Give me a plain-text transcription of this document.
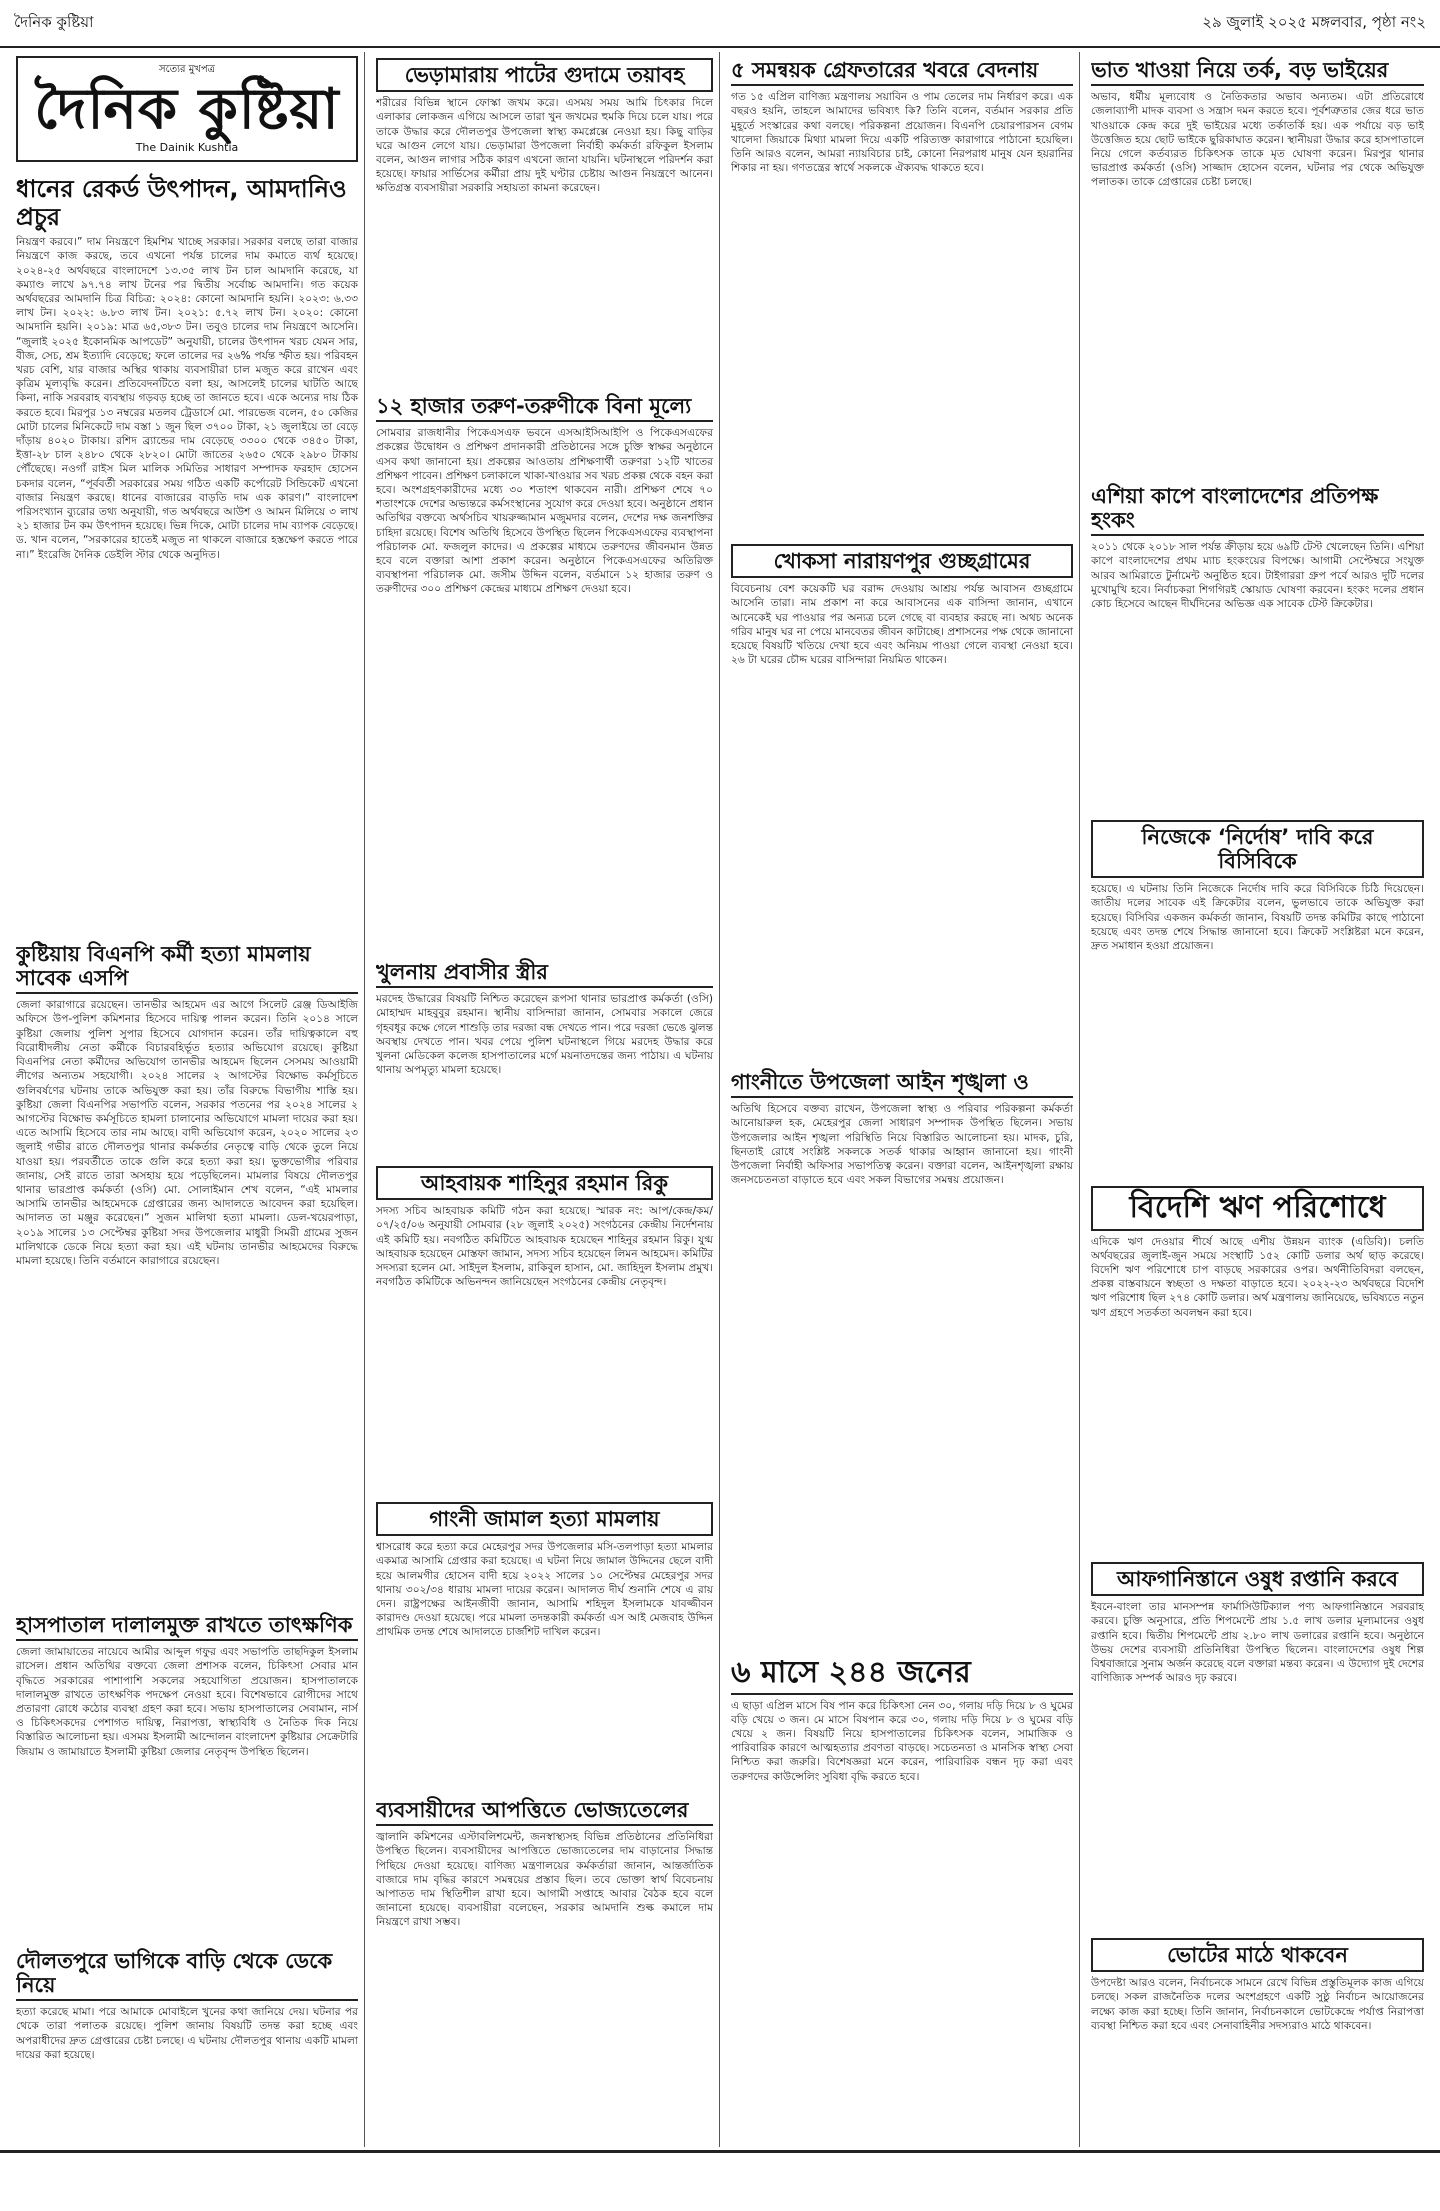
দৈনিক কুষ্টিয়া	২৯ জুলাই ২০২৫ মঙ্গলবার, পৃষ্ঠা নং২
সত্যের মুখপত্র
দৈনিক কুষ্টিয়া
The Dainik Kushtia
ধানের রেকর্ড উৎপাদন, আমদানিও প্রচুর
নিয়ন্ত্রণ করবে।” দাম নিয়ন্ত্রণে হিমশিম খাচ্ছে সরকার। সরকার বলছে তারা বাজার নিয়ন্ত্রণে কাজ করছে, তবে এখনো পর্যন্ত চালের দাম কমাতে ব্যর্থ হয়েছে। ২০২৪-২৫ অর্থবছরে বাংলাদেশে ১৩.৩৫ লাখ টন চাল আমদানি করেছে, যা কম্যাণ্ড লাখে ৯৭.৭৪ লাখ টনের পর দ্বিতীয় সর্বোচ্চ আমদানি। গত কয়েক অর্থবছরের আমদানি চিত্র বিচিত্র: ২০২৪: কোনো আমদানি হয়নি। ২০২৩: ৬.৩৩ লাখ টন। ২০২২: ৬.৮৩ লাখ টন। ২০২১: ৫.৭২ লাখ টন। ২০২০: কোনো আমদানি হয়নি। ২০১৯: মাত্র ৬৫,৩৮৩ টন। তবুও চালের দাম নিয়ন্ত্রণে আসেনি। “জুলাই ২০২৫ ইকোনমিক আপডেট” অনুযায়ী, চালের উৎপাদন খরচ যেমন সার, বীজ, সেচ, শ্রম ইত্যাদি বেড়েছে; ফলে তালের দর ২৬% পর্যন্ত স্ফীত হয়। পরিবহন খরচ বেশি, যার বাজার অস্থির থাকায় ব্যবসায়ীরা চাল মজুত করে রাখেন এবং কৃত্রিম মূল্যবৃদ্ধি করেন। প্রতিবেদনটিতে বলা হয়, আসলেই চালের ঘাটতি আছে কিনা, নাকি সরবরাহ ব্যবস্থায় গড়বড় হচ্ছে তা জানতে হবে। একে অন্যের দায় ঠিক করতে হবে। মিরপুর ১৩ নম্বরের মতলব ট্রেডার্সে মো. পারভেজ বলেন, ৫০ কেজির মোটা চালের মিনিকেটে দাম বস্তা ১ জুন ছিল ৩৭০০ টাকা, ২১ জুলাইয়ে তা বেড়ে দাঁড়ায় ৪০২০ টাকায়। রশিদ ব্র্যান্ডের দাম বেড়েছে ৩৩০০ থেকে ৩৪৫০ টাকা, ইত্তা-২৮ চাল ২৪৮০ থেকে ২৮২০। মোটা জাতের ২৬৫০ থেকে ২৯৮০ টাকায় পৌঁছেছে। নওগাঁ রাইস মিল মালিক সমিতির সাধারণ সম্পাদক ফরহাদ হোসেন চকদার বলেন, “পূর্ববর্তী সরকারের সময় গঠিত একটি কর্পোরেট সিন্ডিকেট এখনো বাজার নিয়ন্ত্রণ করছে। ধানের বাজারের বাড়তি দাম এক কারণ।” বাংলাদেশ পরিসংখ্যান ব্যুরোর তথ্য অনুযায়ী, গত অর্থবছরে আউশ ও আমন মিলিয়ে ৩ লাখ ২১ হাজার টন কম উৎপাদন হয়েছে। ভিন্ন দিকে, মোটা চালের দাম ব্যাপক বেড়েছে। ড. খান বলেন, “সরকারের হাতেই মজুত না থাকলে বাজারে হস্তক্ষেপ করতে পারে না।” ইংরেজি দৈনিক ডেইলি স্টার থেকে অনুদিত।
কুষ্টিয়ায় বিএনপি কর্মী হত্যা মামলায় সাবেক এসপি
জেলা কারাগারে রয়েছেন। তানভীর আহমেদ এর আগে সিলেট রেঞ্জ ডিআইজি অফিসে উপ-পুলিশ কমিশনার হিসেবে দায়িত্ব পালন করেন। তিনি ২০১৪ সালে কুষ্টিয়া জেলায় পুলিশ সুপার হিসেবে যোগদান করেন। তাঁর দায়িত্বকালে বহু বিরোধীদলীয় নেতা কর্মীকে বিচারবহির্ভূত হত্যার অভিযোগ রয়েছে। কুষ্টিয়া বিএনপির নেতা কর্মীদের অভিযোগ তানভীর আহমেদ ছিলেন সেসময় আওয়ামী লীগের অন্যতম সহযোগী। ২০২৪ সালের ২ আগস্টের বিক্ষোভ কর্মসূচিতে গুলিবর্ষণের ঘটনায় তাকে অভিযুক্ত করা হয়। তাঁর বিরুদ্ধে বিভাগীয় শাস্তি হয়। কুষ্টিয়া জেলা বিএনপির সভাপতি বলেন, সরকার পতনের পর ২০২৪ সালের ২ আগস্টের বিক্ষোভ কর্মসূচিতে হামলা চালানোর অভিযোগে মামলা দায়ের করা হয়। এতে আসামি হিসেবে তার নাম আছে। বাদী অভিযোগ করেন, ২০২০ সালের ২৩ জুলাই গভীর রাতে দৌলতপুর থানার কর্মকর্তার নেতৃত্বে বাড়ি থেকে তুলে নিয়ে যাওয়া হয়। পরবর্তীতে তাকে গুলি করে হত্যা করা হয়। ভুক্তভোগীর পরিবার জানায়, সেই রাতে তারা অসহায় হয়ে পড়েছিলেন। মামলার বিষয়ে দৌলতপুর থানার ভারপ্রাপ্ত কর্মকর্তা (ওসি) মো. সোলাইমান শেখ বলেন, “এই মামলার আসামি তানভীর আহমেদকে গ্রেপ্তারের জন্য আদালতে আবেদন করা হয়েছিল। আদালত তা মঞ্জুর করেছেন।” সুজন মালিথা হত্যা মামলা। ডেল-খয়েরপাড়া, ২০১৯ সালের ১৩ সেপ্টেম্বর কুষ্টিয়া সদর উপজেলার মাধুরী সিমরী গ্রামের সুজন মালিথাকে ডেকে নিয়ে হত্যা করা হয়। এই ঘটনায় তানভীর আহমেদের বিরুদ্ধে মামলা হয়েছে। তিনি বর্তমানে কারাগারে রয়েছেন।
হাসপাতাল দালালমুক্ত রাখতে তাৎক্ষণিক
জেলা জামায়াতের নায়েবে আমীর আব্দুল গফুর এবং সভাপতি তাছদিকুল ইসলাম রাসেল। প্রধান অতিথির বক্তব্যে জেলা প্রশাসক বলেন, চিকিৎসা সেবার মান বৃদ্ধিতে সরকারের পাশাপাশি সকলের সহযোগিতা প্রয়োজন। হাসপাতালকে দালালমুক্ত রাখতে তাৎক্ষণিক পদক্ষেপ নেওয়া হবে। বিশেষভাবে রোগীদের সাথে প্রতারণা রোধে কঠোর ব্যবস্থা গ্রহণ করা হবে। সভায় হাসপাতালের সেবামান, নার্স ও চিকিৎসকদের পেশাগত দায়িত্ব, নিরাপত্তা, স্বাস্থ্যবিধি ও নৈতিক দিক নিয়ে বিস্তারিত আলোচনা হয়। এসময় ইসলামী আন্দোলন বাংলাদেশ কুষ্টিয়ার সেক্রেটারি জিয়াম ও জামায়াতে ইসলামী কুষ্টিয়া জেলার নেতৃবৃন্দ উপস্থিত ছিলেন।
দৌলতপুরে ভাগিকে বাড়ি থেকে ডেকে নিয়ে
হত্যা করেছে মামা। পরে আমাকে মোবাইলে খুনের কথা জানিয়ে দেয়। ঘটনার পর থেকে তারা পলাতক রয়েছে। পুলিশ জানায় বিষয়টি তদন্ত করা হচ্ছে এবং অপরাধীদের দ্রুত গ্রেপ্তারের চেষ্টা চলছে। এ ঘটনায় দৌলতপুর থানায় একটি মামলা দায়ের করা হয়েছে।
ভেড়ামারায় পাটের গুদামে তয়াবহ
শরীরের বিভিন্ন স্থানে ফোস্কা জখম করে। এসময় সময় আমি চিৎকার দিলে এলাকার লোকজন এগিয়ে আসলে তারা খুন জখমের হুমকি দিয়ে চলে যায়। পরে তাকে উদ্ধার করে দৌলতপুর উপজেলা স্বাস্থ্য কমপ্লেক্সে নেওয়া হয়। কিছু বাড়ির ঘরে আগুন লেগে যায়। ভেড়ামারা উপজেলা নির্বাহী কর্মকর্তা রফিকুল ইসলাম বলেন, আগুন লাগার সঠিক কারণ এখনো জানা যায়নি। ঘটনাস্থলে পরিদর্শন করা হয়েছে। ফায়ার সার্ভিসের কর্মীরা প্রায় দুই ঘণ্টার চেষ্টায় আগুন নিয়ন্ত্রণে আনেন। ক্ষতিগ্রস্ত ব্যবসায়ীরা সরকারি সহায়তা কামনা করেছেন।
১২ হাজার তরুণ-তরুণীকে বিনা মূল্যে
সোমবার রাজধানীর পিকেএসএফ ভবনে এসআইসিআইপি ও পিকেএসএফের প্রকল্পের উদ্বোধন ও প্রশিক্ষণ প্রদানকারী প্রতিষ্ঠানের সঙ্গে চুক্তি স্বাক্ষর অনুষ্ঠানে এসব কথা জানানো হয়। প্রকল্পের আওতায় প্রশিক্ষণার্থী তরুণরা ১২টি খাতের প্রশিক্ষণ পাবেন। প্রশিক্ষণ চলাকালে খাকা-খাওয়ার সব খরচ প্রকল্প থেকে বহন করা হবে। অংশগ্রহণকারীদের মধ্যে ৩০ শতাংশ থাকবেন নারী। প্রশিক্ষণ শেষে ৭০ শতাংশকে দেশের অভ্যন্তরে কর্মসংস্থানের সুযোগ করে দেওয়া হবে। অনুষ্ঠানে প্রধান অতিথির বক্তব্যে অর্থসচিব খায়রুজ্জামান মজুমদার বলেন, দেশের দক্ষ জনশক্তির চাহিদা রয়েছে। বিশেষ অতিথি হিসেবে উপস্থিত ছিলেন পিকেএসএফের ব্যবস্থাপনা পরিচালক মো. ফজলুল কাদের। এ প্রকল্পের মাধ্যমে তরুণদের জীবনমান উন্নত হবে বলে বক্তারা আশা প্রকাশ করেন। অনুষ্ঠানে পিকেএসএফের অতিরিক্ত ব্যবস্থাপনা পরিচালক মো. জসীম উদ্দিন বলেন, বর্তমানে ১২ হাজার তরুণ ও তরুণীদের ৩০০ প্রশিক্ষণ কেন্দ্রের মাধ্যমে প্রশিক্ষণ দেওয়া হবে।
খুলনায় প্রবাসীর স্ত্রীর
মরদেহ উদ্ধারের বিষয়টি নিশ্চিত করেছেন রূপসা থানার ভারপ্রাপ্ত কর্মকর্তা (ওসি) মোহাম্মদ মাহবুবুর রহমান। স্থানীয় বাসিন্দারা জানান, সোমবার সকালে জেরে গৃহবধূর কক্ষে গেলে শাশুড়ি তার দরজা বন্ধ দেখতে পান। পরে দরজা ভেঙে ঝুলন্ত অবস্থায় দেখতে পান। খবর পেয়ে পুলিশ ঘটনাস্থলে গিয়ে মরদেহ উদ্ধার করে খুলনা মেডিকেল কলেজ হাসপাতালের মর্গে ময়নাতদন্তের জন্য পাঠায়। এ ঘটনায় থানায় অপমৃত্যু মামলা হয়েছে।
আহবায়ক শাহিনুর রহমান রিকু
সদস্য সচিব আহবায়ক কমিটি গঠন করা হয়েছে। স্মারক নং: আপ/কেন্দ্র/কম/০৭/২৫/০৬ অনুযায়ী সোমবার (২৮ জুলাই ২০২৫) সংগঠনের কেন্দ্রীয় নির্দেশনায় এই কমিটি হয়। নবগঠিত কমিটিতে আহবায়ক হয়েছেন শাহিনুর রহমান রিকু। যুগ্ম আহবায়ক হয়েছেন মোস্তফা জামান, সদস্য সচিব হয়েছেন লিমন আহমেদ। কমিটির সদস্যরা হলেন মো. সাইদুল ইসলাম, রাকিবুল হাসান, মো. জাহিদুল ইসলাম প্রমুখ। নবগঠিত কমিটিকে অভিনন্দন জানিয়েছেন সংগঠনের কেন্দ্রীয় নেতৃবৃন্দ।
গাংনী জামাল হত্যা মামলায়
শ্বাসরোধ করে হত্যা করে মেহেরপুর সদর উপজেলার মসি-তলপাড়া হত্যা মামলার একমাত্র আসামি গ্রেপ্তার করা হয়েছে। এ ঘটনা নিয়ে জামাল উদ্দিনের ছেলে বাদী হয়ে আলমগীর হোসেন বাদী হয়ে ২০২২ সালের ১০ সেপ্টেম্বর মেহেরপুর সদর থানায় ৩০২/৩৪ ধারায় মামলা দায়ের করেন। আদালত দীর্ঘ শুনানি শেষে এ রায় দেন। রাষ্ট্রপক্ষের আইনজীবী জানান, আসামি শহিদুল ইসলামকে যাবজ্জীবন কারাদণ্ড দেওয়া হয়েছে। পরে মামলা তদন্তকারী কর্মকর্তা এস আই মেজবাহ উদ্দিন প্রাথমিক তদন্ত শেষে আদালতে চার্জশিট দাখিল করেন।
ব্যবসায়ীদের আপত্তিতে ভোজ্যতেলের
জ্বালানি কমিশনের এস্টাবলিশমেন্ট, জনস্বাস্থ্যসহ বিভিন্ন প্রতিষ্ঠানের প্রতিনিধিরা উপস্থিত ছিলেন। ব্যবসায়ীদের আপত্তিতে ভোজ্যতেলের দাম বাড়ানোর সিদ্ধান্ত পিছিয়ে দেওয়া হয়েছে। বাণিজ্য মন্ত্রণালয়ের কর্মকর্তারা জানান, আন্তর্জাতিক বাজারে দাম বৃদ্ধির কারণে সমন্বয়ের প্রস্তাব ছিল। তবে ভোক্তা স্বার্থ বিবেচনায় আপাতত দাম স্থিতিশীল রাখা হবে। আগামী সপ্তাহে আবার বৈঠক হবে বলে জানানো হয়েছে। ব্যবসায়ীরা বলেছেন, সরকার আমদানি শুল্ক কমালে দাম নিয়ন্ত্রণে রাখা সম্ভব।
৫ সমন্বয়ক গ্রেফতারের খবরে বেদনায়
গত ১৫ এপ্রিল বাণিজ্য মন্ত্রণালয় সয়াবিন ও পাম তেলের দাম নির্ধারণ করে। এক বছরও হয়নি, তাহলে আমাদের ভবিষ্যৎ কি? তিনি বলেন, বর্তমান সরকার প্রতি মুহূর্তে সংস্কারের কথা বলছে। পরিকল্পনা প্রয়োজন। বিএনপি চেয়ারপারসন বেগম খালেদা জিয়াকে মিথ্যা মামলা দিয়ে একটি পরিত্যক্ত কারাগারে পাঠানো হয়েছিল। তিনি আরও বলেন, আমরা ন্যায়বিচার চাই, কোনো নিরপরাধ মানুষ যেন হয়রানির শিকার না হয়। গণতন্ত্রের স্বার্থে সকলকে ঐক্যবদ্ধ থাকতে হবে।
খোকসা নারায়ণপুর গুচ্ছগ্রামের
বিবেচনায় বেশ কয়েকটি ঘর বরাদ্দ দেওয়ায় আশ্রয় পর্যন্ত আবাসন গুচ্ছগ্রামে আসেনি তারা। নাম প্রকাশ না করে আবাসনের এক বাসিন্দা জানান, এখানে আনেকেই ঘর পাওয়ার পর অন্যত্র চলে গেছে বা ব্যবহার করছে না। অথচ অনেক গরিব মানুষ ঘর না পেয়ে মানবেতর জীবন কাটাচ্ছে। প্রশাসনের পক্ষ থেকে জানানো হয়েছে বিষয়টি খতিয়ে দেখা হবে এবং অনিয়ম পাওয়া গেলে ব্যবস্থা নেওয়া হবে। ২৬ টা ঘরের চৌদ্দ ঘরের বাসিন্দারা নিয়মিত থাকেন।
গাংনীতে উপজেলা আইন শৃঙ্খলা ও
অতিথি হিসেবে বক্তব্য রাখেন, উপজেলা স্বাস্থ্য ও পরিবার পরিকল্পনা কর্মকর্তা আনোয়ারুল হক, মেহেরপুর জেলা সাধারণ সম্পাদক উপস্থিত ছিলেন। সভায় উপজেলার আইন শৃঙ্খলা পরিস্থিতি নিয়ে বিস্তারিত আলোচনা হয়। মাদক, চুরি, ছিনতাই রোধে সংশ্লিষ্ট সকলকে সতর্ক থাকার আহ্বান জানানো হয়। গাংনী উপজেলা নির্বাহী অফিসার সভাপতিত্ব করেন। বক্তারা বলেন, আইনশৃঙ্খলা রক্ষায় জনসচেতনতা বাড়াতে হবে এবং সকল বিভাগের সমন্বয় প্রয়োজন।
৬ মাসে ২৪৪ জনের
এ ছাড়া এপ্রিল মাসে বিষ পান করে চিকিৎসা নেন ৩০, গলায় দড়ি দিয়ে ৮ ও ঘুমের বড়ি খেয়ে ৩ জন। মে মাসে বিষপান করে ৩০, গলায় দড়ি দিয়ে ৮ ও ঘুমের বড়ি খেয়ে ২ জন। বিষয়টি নিয়ে হাসপাতালের চিকিৎসক বলেন, সামাজিক ও পারিবারিক কারণে আত্মহত্যার প্রবণতা বাড়ছে। সচেতনতা ও মানসিক স্বাস্থ্য সেবা নিশ্চিত করা জরুরি। বিশেষজ্ঞরা মনে করেন, পারিবারিক বন্ধন দৃঢ় করা এবং তরুণদের কাউন্সেলিং সুবিধা বৃদ্ধি করতে হবে।
ভাত খাওয়া নিয়ে তর্ক, বড় ভাইয়ের
অভাব, ধর্মীয় মূল্যবোধ ও নৈতিকতার অভাব অন্যতম। এটা প্রতিরোধে জেলাব্যাপী মাদক ব্যবসা ও সন্ত্রাস দমন করতে হবে। পূর্বশত্রুতার জের ধরে ভাত খাওয়াকে কেন্দ্র করে দুই ভাইয়ের মধ্যে তর্কাতর্কি হয়। এক পর্যায়ে বড় ভাই উত্তেজিত হয়ে ছোট ভাইকে ছুরিকাঘাত করেন। স্থানীয়রা উদ্ধার করে হাসপাতালে নিয়ে গেলে কর্তব্যরত চিকিৎসক তাকে মৃত ঘোষণা করেন। মিরপুর থানার ভারপ্রাপ্ত কর্মকর্তা (ওসি) সাজ্জাদ হোসেন বলেন, ঘটনার পর থেকে অভিযুক্ত পলাতক। তাকে গ্রেপ্তারের চেষ্টা চলছে।
এশিয়া কাপে বাংলাদেশের প্রতিপক্ষ হংকং
২০১১ থেকে ২০১৮ সাল পর্যন্ত ক্রীড়ায় হয়ে ৬৯টি টেস্ট খেলেছেন তিনি। এশিয়া কাপে বাংলাদেশের প্রথম ম্যাচ হংকংয়ের বিপক্ষে। আগামী সেপ্টেম্বরে সংযুক্ত আরব আমিরাতে টুর্নামেন্ট অনুষ্ঠিত হবে। টাইগাররা গ্রুপ পর্বে আরও দুটি দলের মুখোমুখি হবে। নির্বাচকরা শিগগিরই স্কোয়াড ঘোষণা করবেন। হংকং দলের প্রধান কোচ হিসেবে আছেন দীর্ঘদিনের অভিজ্ঞ এক সাবেক টেস্ট ক্রিকেটার।
নিজেকে ‘নির্দোষ’ দাবি করে বিসিবিকে
হয়েছে। এ ঘটনায় তিনি নিজেকে নির্দোষ দাবি করে বিসিবিকে চিঠি দিয়েছেন। জাতীয় দলের সাবেক এই ক্রিকেটার বলেন, ভুলভাবে তাকে অভিযুক্ত করা হয়েছে। বিসিবির একজন কর্মকর্তা জানান, বিষয়টি তদন্ত কমিটির কাছে পাঠানো হয়েছে এবং তদন্ত শেষে সিদ্ধান্ত জানানো হবে। ক্রিকেট সংশ্লিষ্টরা মনে করেন, দ্রুত সমাধান হওয়া প্রয়োজন।
বিদেশি ঋণ পরিশোধে
এদিকে ঋণ দেওয়ার শীর্ষে আছে এশীয় উন্নয়ন ব্যাংক (এডিবি)। চলতি অর্থবছরের জুলাই-জুন সময়ে সংস্থাটি ১৫২ কোটি ডলার অর্থ ছাড় করেছে। বিদেশি ঋণ পরিশোধে চাপ বাড়ছে সরকারের ওপর। অর্থনীতিবিদরা বলছেন, প্রকল্প বাস্তবায়নে স্বচ্ছতা ও দক্ষতা বাড়াতে হবে। ২০২২-২৩ অর্থবছরে বিদেশি ঋণ পরিশোধ ছিল ২৭৪ কোটি ডলার। অর্থ মন্ত্রণালয় জানিয়েছে, ভবিষ্যতে নতুন ঋণ গ্রহণে সতর্কতা অবলম্বন করা হবে।
আফগানিস্তানে ওষুধ রপ্তানি করবে
ইবনে-বাংলা তার মানসম্পন্ন ফার্মাসিউটিক্যাল পণ্য আফগানিস্তানে সরবরাহ করবে। চুক্তি অনুসারে, প্রতি শিপমেন্টে প্রায় ১.৫ লাখ ডলার মূল্যমানের ওষুধ রপ্তানি হবে। দ্বিতীয় শিপমেন্টে প্রায় ২.৮০ লাখ ডলারের রপ্তানি হবে। অনুষ্ঠানে উভয় দেশের ব্যবসায়ী প্রতিনিধিরা উপস্থিত ছিলেন। বাংলাদেশের ওষুধ শিল্প বিশ্ববাজারে সুনাম অর্জন করেছে বলে বক্তারা মন্তব্য করেন। এ উদ্যোগ দুই দেশের বাণিজ্যিক সম্পর্ক আরও দৃঢ় করবে।
ভোটের মাঠে থাকবেন
উপদেষ্টা আরও বলেন, নির্বাচনকে সামনে রেখে বিভিন্ন প্রস্তুতিমূলক কাজ এগিয়ে চলছে। সকল রাজনৈতিক দলের অংশগ্রহণে একটি সুষ্ঠু নির্বাচন আয়োজনের লক্ষ্যে কাজ করা হচ্ছে। তিনি জানান, নির্বাচনকালে ভোটকেন্দ্রে পর্যাপ্ত নিরাপত্তা ব্যবস্থা নিশ্চিত করা হবে এবং সেনাবাহিনীর সদস্যরাও মাঠে থাকবেন।
